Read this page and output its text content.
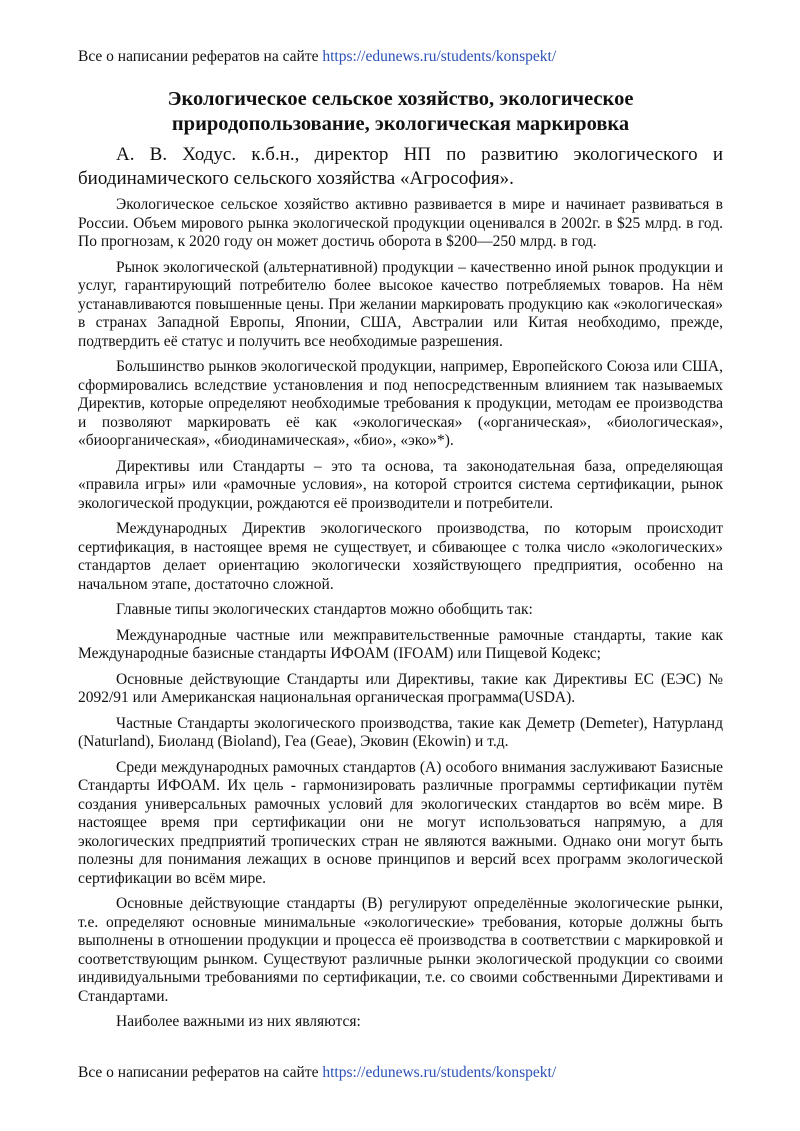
Все о написании рефератов на сайте https://edunews.ru/students/konspekt/
Экологическое сельское хозяйство, экологическое
природопользование, экологическая маркировка
А. В. Ходус. к.б.н., директор НП по развитию экологического и биодинамического сельского хозяйства «Агрософия».

Экологическое сельское хозяйство активно развивается в мире и начинает развиваться в России. Объем мирового рынка экологической продукции оценивался в 2002г. в $25 млрд. в год. По прогнозам, к 2020 году он может достичь оборота в $200—250 млрд. в год.

Рынок экологической (альтернативной) продукции – качественно иной рынок продукции и услуг, гарантирующий потребителю более высокое качество потребляемых товаров. На нём устанавливаются повышенные цены. При желании маркировать продукцию как «экологическая» в странах Западной Европы, Японии, США, Австралии или Китая необходимо, прежде, подтвердить её статус и получить все необходимые разрешения.

Большинство рынков экологической продукции, например, Европейского Союза или США, сформировались вследствие установления и под непосредственным влиянием так называемых Директив, которые определяют необходимые требования к продукции, методам ее производства и позволяют маркировать её как «экологическая» («органическая», «биологическая», «биоорганическая», «биодинамическая», «био», «эко»*).

Директивы или Стандарты – это та основа, та законодательная база, определяющая «правила игры» или «рамочные условия», на которой строится система сертификации, рынок экологической продукции, рождаются её производители и потребители.

Международных Директив экологического производства, по которым происходит сертификация, в настоящее время не существует, и сбивающее с толка число «экологических» стандартов делает ориентацию экологически хозяйствующего предприятия, особенно на начальном этапе, достаточно сложной.

Главные типы экологических стандартов можно обобщить так:

Международные частные или межправительственные рамочные стандарты, такие как Международные базисные стандарты ИФОАМ (IFOAM) или Пищевой Кодекс;

Основные действующие Стандарты или Директивы, такие как Директивы ЕС (ЕЭС) № 2092/91 или Американская национальная органическая программа(USDA).

Частные Стандарты экологического производства, такие как Деметр (Demeter), Натурланд (Naturland), Биоланд (Bioland), Геа (Geae), Эковин (Ekowin) и т.д.

Среди международных рамочных стандартов (А) особого внимания заслуживают Базисные Стандарты ИФОАМ. Их цель - гармонизировать различные программы сертификации путём создания универсальных рамочных условий для экологических стандартов во всём мире. В настоящее время при сертификации они не могут использоваться напрямую, а для экологических предприятий тропических стран не являются важными. Однако они могут быть полезны для понимания лежащих в основе принципов и версий всех программ экологической сертификации во всём мире.

Основные действующие стандарты (В) регулируют определённые экологические рынки, т.е. определяют основные минимальные «экологические» требования, которые должны быть выполнены в отношении продукции и процесса её производства в соответствии с маркировкой и соответствующим рынком. Существуют различные рынки экологической продукции со своими индивидуальными требованиями по сертификации, т.е. со своими собственными Директивами и Стандартами.

Наиболее важными из них являются:

Все о написании рефератов на сайте https://edunews.ru/students/konspekt/
